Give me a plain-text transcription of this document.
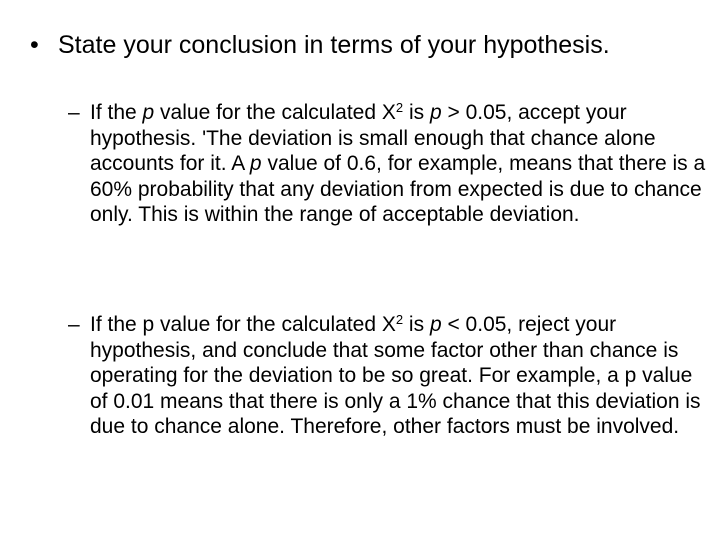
• State your conclusion in terms of your hypothesis.
– If the p value for the calculated $X^2$ is p > 0.05, accept your hypothesis. 'The deviation is small enough that chance alone accounts for it. A p value of 0.6, for example, means that there is a 60% probability that any deviation from expected is due to chance only. This is within the range of acceptable deviation.
– If the p value for the calculated $X^2$ is p < 0.05, reject your hypothesis, and conclude that some factor other than chance is operating for the deviation to be so great. For example, a p value of 0.01 means that there is only a 1% chance that this deviation is due to chance alone. Therefore, other factors must be involved.
